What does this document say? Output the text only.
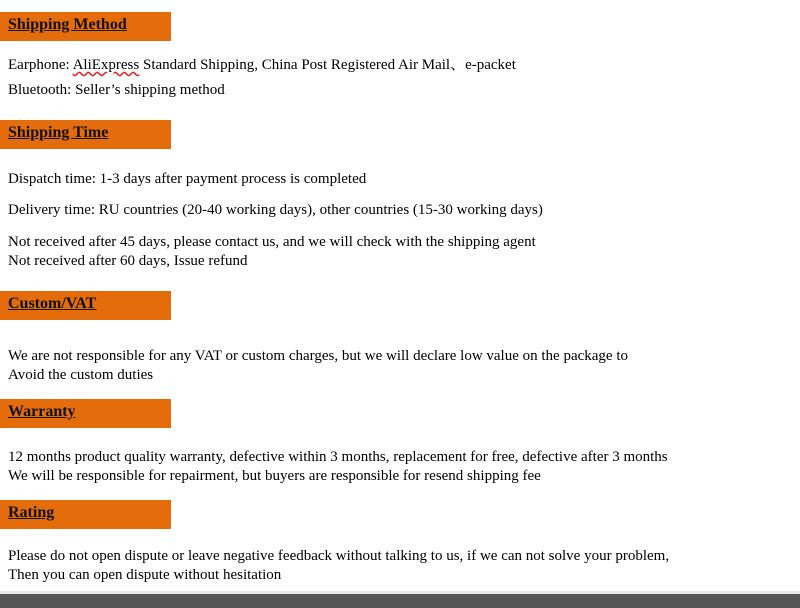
Shipping Method
Earphone: AliExpress Standard Shipping, China Post Registered Air Mail、e-packet
Bluetooth: Seller’s shipping method
Shipping Time
Dispatch time: 1-3 days after payment process is completed
Delivery time: RU countries (20-40 working days), other countries (15-30 working days)
Not received after 45 days, please contact us, and we will check with the shipping agent
Not received after 60 days, Issue refund
Custom/VAT
We are not responsible for any VAT or custom charges, but we will declare low value on the package to
Avoid the custom duties
Warranty
12 months product quality warranty, defective within 3 months, replacement for free, defective after 3 months
We will be responsible for repairment, but buyers are responsible for resend shipping fee
Rating
Please do not open dispute or leave negative feedback without talking to us, if we can not solve your problem,
Then you can open dispute without hesitation
